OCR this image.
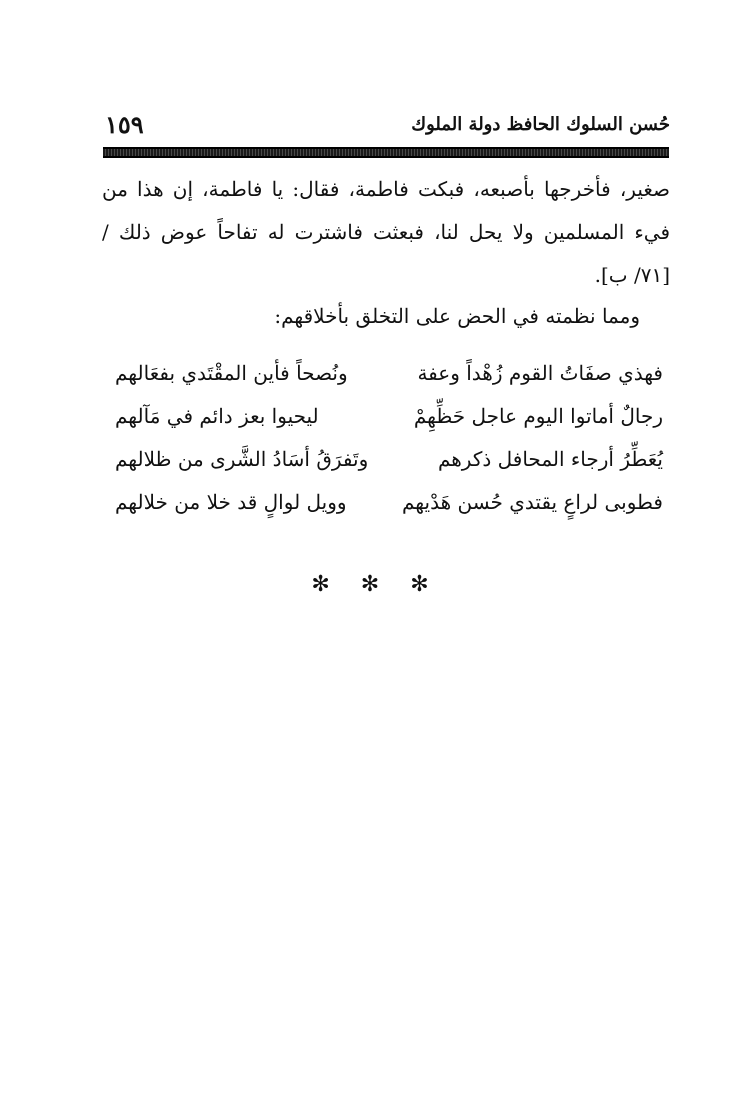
حُسن السلوك الحافظ دولة الملوك
١٥٩

صغير، فأخرجها بأصبعه، فبكت فاطمة، فقال: يا فاطمة، إن هذا من فيء المسلمين ولا يحل لنا، فبعثت فاشترت له تفاحاً عوض ذلك / [٧١/ ب].

ومما نظمته في الحض على التخلق بأخلاقهم:
فهذي صفَاتُ القوم زُهْداً وعفة
ونُصحاً فأين المقْتَدي بفعَالهم
رجالٌ أماتوا اليوم عاجل حَظِّهِمْ
ليحيوا بعز دائم في مَآلهم
يُعَطِّرُ أرجاء المحافل ذكرهم
وتَفرَقُ أسَادُ الشَّرى من ظلالهم
فطوبى لراعٍ يقتدي حُسن هَدْيهم
وويل لوالٍ قد خلا من خلالهم
✻ ✻ ✻
